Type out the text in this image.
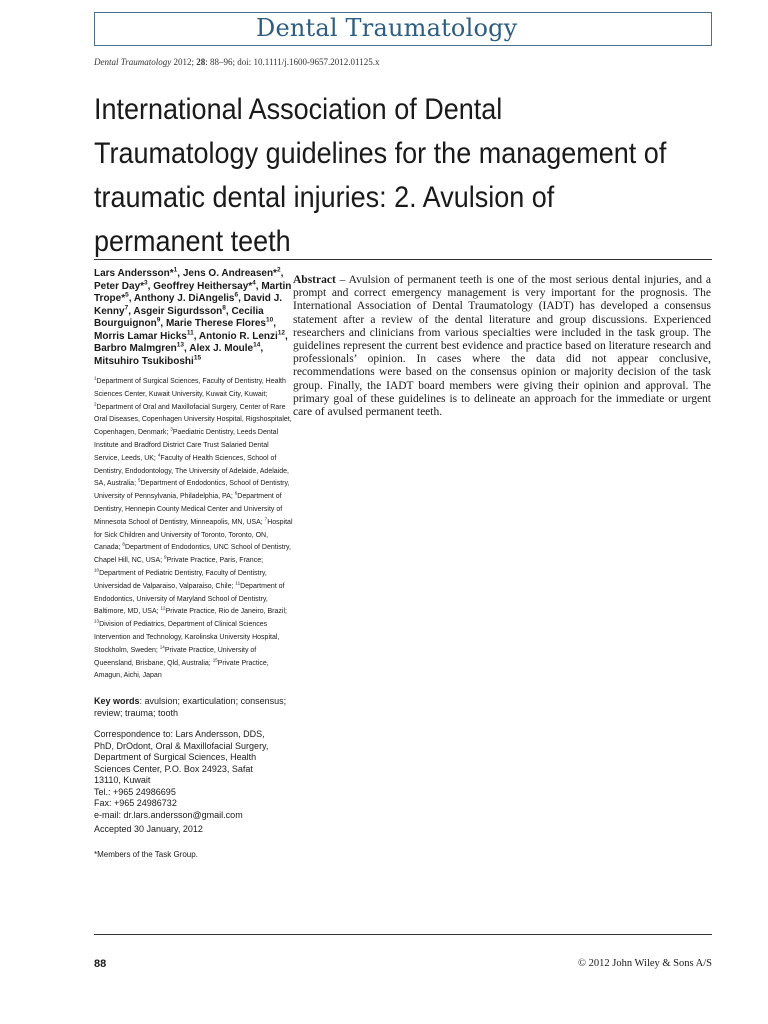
Dental Traumatology
Dental Traumatology 2012; 28: 88–96; doi: 10.1111/j.1600-9657.2012.01125.x
International Association of Dental Traumatology guidelines for the management of traumatic dental injuries: 2. Avulsion of permanent teeth

Lars Andersson*$^1$, Jens O. Andreasen*$^2$, Peter Day*$^3$, Geoffrey Heithersay*$^4$, Martin Trope*$^5$, Anthony J. DiAngelis$^6$, David J. Kenny$^7$, Asgeir Sigurdsson$^8$, Cecilia Bourguignon$^9$, Marie Therese Flores$^{10}$, Morris Lamar Hicks$^{11}$, Antonio R. Lenzi$^{12}$, Barbro Malmgren$^{13}$, Alex J. Moule$^{14}$, Mitsuhiro Tsukiboshi$^{15}$

$^1$Department of Surgical Sciences, Faculty of Dentistry, Health Sciences Center, Kuwait University, Kuwait City, Kuwait; $^2$Department of Oral and Maxillofacial Surgery, Center of Rare Oral Diseases, Copenhagen University Hospital, Rigshospitalet, Copenhagen, Denmark; $^3$Paediatric Dentistry, Leeds Dental Institute and Bradford District Care Trust Salaried Dental Service, Leeds, UK; $^4$Faculty of Health Sciences, School of Dentistry, Endodontology, The University of Adelaide, Adelaide, SA, Australia; $^5$Department of Endodontics, School of Dentistry, University of Pennsylvania, Philadelphia, PA; $^6$Department of Dentistry, Hennepin County Medical Center and University of Minnesota School of Dentistry, Minneapolis, MN, USA; $^7$Hospital for Sick Children and University of Toronto, Toronto, ON, Canada; $^8$Department of Endodontics, UNC School of Dentistry, Chapel Hill, NC, USA; $^9$Private Practice, Paris, France; $^{10}$Department of Pediatric Dentistry, Faculty of Dentistry, Universidad de Valparaiso, Valparaiso, Chile; $^{11}$Department of Endodontics, University of Maryland School of Dentistry, Baltimore, MD, USA; $^{12}$Private Practice, Rio de Janeiro, Brazil; $^{13}$Division of Pediatrics, Department of Clinical Sciences Intervention and Technology, Karolinska University Hospital, Stockholm, Sweden; $^{14}$Private Practice, University of Queensland, Brisbane, Qld, Australia; $^{15}$Private Practice, Amagun, Aichi, Japan

Key words: avulsion; exarticulation; consensus; review; trauma; tooth

Correspondence to: Lars Andersson, DDS,
PhD, DrOdont, Oral & Maxillofacial Surgery,
Department of Surgical Sciences, Health
Sciences Center, P.O. Box 24923, Safat
13110, Kuwait
Tel.: +965 24986695
Fax: +965 24986732
e-mail: dr.lars.andersson@gmail.com

Accepted 30 January, 2012

*Members of the Task Group.

Abstract – Avulsion of permanent teeth is one of the most serious dental injuries, and a prompt and correct emergency management is very important for the prognosis. The International Association of Dental Traumatology (IADT) has developed a consensus statement after a review of the dental literature and group discussions. Experienced researchers and clinicians from various specialties were included in the task group. The guidelines represent the current best evidence and practice based on literature research and professionals’ opinion. In cases where the data did not appear conclusive, recommendations were based on the consensus opinion or majority decision of the task group. Finally, the IADT board members were giving their opinion and approval. The primary goal of these guidelines is to delineate an approach for the immediate or urgent care of avulsed permanent teeth.

88	© 2012 John Wiley & Sons A/S
